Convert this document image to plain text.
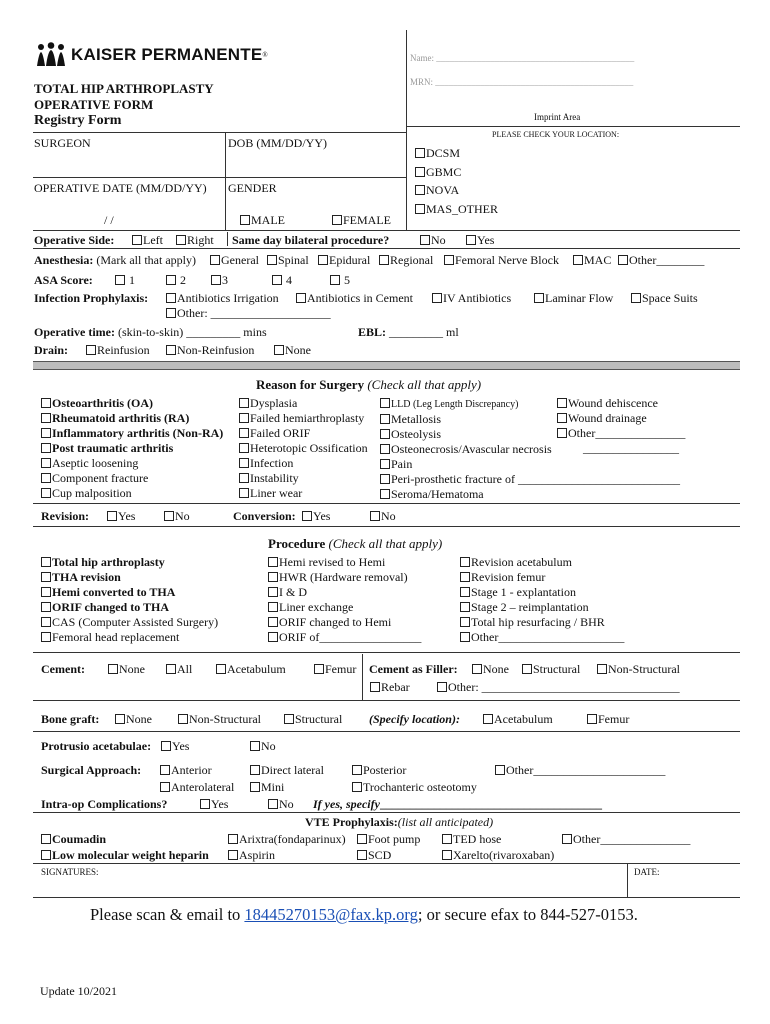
KAISER PERMANENTE®
TOTAL HIP ARTHROPLASTY
OPERATIVE FORM
Registry Form
Name: ____________________________________________
MRN: ____________________________________________
Imprint Area
PLEASE CHECK YOUR LOCATION:
DCSM
GBMC
NOVA
MAS_OTHER
SURGEON	DOB (MM/DD/YY)
OPERATIVE DATE (MM/DD/YY) GENDER
/ /	MALE	FEMALE
Operative Side:	Left	Right Same day bilateral procedure?	No	Yes
Anesthesia: (Mark all that apply)	General	Spinal	Epidural	Regional	Femoral Nerve Block	MAC	Other________
ASA Score:	1	2	3	4	5
Infection Prophylaxis:	Antibiotics Irrigation	Antibiotics in Cement	IV Antibiotics	Laminar Flow	Space Suits
Other: ____________________
Operative time: (skin-to-skin) _________ mins	EBL: _________ ml
Drain:	Reinfusion	Non-Reinfusion	None
Reason for Surgery (Check all that apply)
Osteoarthritis (OA)
Rheumatoid arthritis (RA)
Inflammatory arthritis (Non-RA)
Post traumatic arthritis
Aseptic loosening
Component fracture
Cup malposition
Dysplasia
Failed hemiarthroplasty
Failed ORIF
Heterotopic Ossification
Infection
Instability
Liner wear
LLD (Leg Length Discrepancy)
Metallosis
Osteolysis
Osteonecrosis/Avascular necrosis
Pain
Peri-prosthetic fracture of ___________________________
Seroma/Hematoma
Wound dehiscence
Wound drainage
Other_______________
________________
Revision:	Yes	No	Conversion:	Yes	No
Procedure (Check all that apply)
Total hip arthroplasty
THA revision
Hemi converted to THA
ORIF changed to THA
CAS (Computer Assisted Surgery)
Femoral head replacement
Hemi revised to Hemi
HWR (Hardware removal)
I & D
Liner exchange
ORIF changed to Hemi
ORIF of_________________
Revision acetabulum
Revision femur
Stage 1 - explantation
Stage 2 – reimplantation
Total hip resurfacing / BHR
Other_____________________
Cement:	None	All	Acetabulum	Femur Cement as Filler:	None	Structural	Non-Structural
Rebar	Other: _________________________________
Bone graft:	None	Non-Structural	Structural (Specify location):	Acetabulum	Femur
Protrusio acetabulae:	Yes	No
Surgical Approach:	Anterior	Direct lateral	Posterior	Other______________________
Anterolateral	Mini	Trochanteric osteotomy
Intra-op Complications?	Yes	No If yes, specify_____________________________________
VTE Prophylaxis:(list all anticipated)
Coumadin	Arixtra(fondaparinux)	Foot pump	TED hose	Other_______________
Low molecular weight heparin	Aspirin	SCD	Xarelto(rivaroxaban)
SIGNATURES:	DATE:
Please scan & email to 18445270153@fax.kp.org; or secure efax to 844-527-0153.
Update 10/2021
